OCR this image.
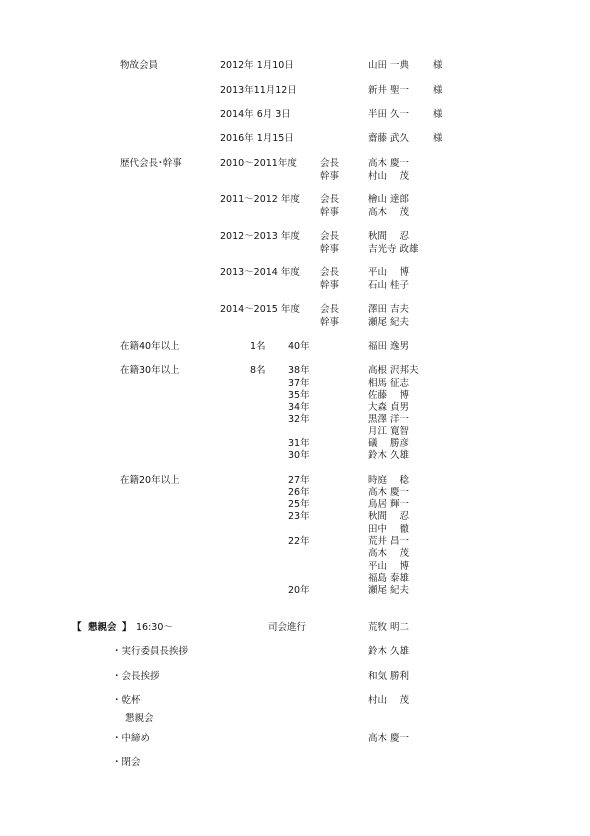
物故会員	2012年 1月10日	山田 一典	様
2013年11月12日	新井 聖一	様
2014年 6月 3日	半田 久一	様
2016年 1月15日	齋藤 武久	様
歴代会長･幹事	2010～2011年度 会長	高木 慶一
幹事	村山　 茂
2011～2012 年度 会長	檜山 達郎
幹事	高木　 茂
2012～2013 年度 会長	秋間　 忍
幹事	吉光寺 政雄
2013～2014 年度 会長	平山　 博
幹事	石山 桂子
2014～2015 年度 会長	澤田 吉夫
幹事	瀬尾 紀夫
在籍40年以上	1名 40年	福田 逸男
在籍30年以上	8名 38年	高根 沢邦夫
37年	相馬 征志
35年	佐藤　 博
34年	大森 貞男
32年	黒澤 洋一
月江 寛智
31年	礒　 勝彦
30年	鈴木 久雄
在籍20年以上	27年	時庭　 稔
26年	高木 慶一
25年	鳥居 輝一
23年	秋間　 忍
田中　 徹
22年	荒井 昌一
高木　 茂
平山　 博
福島 泰雄
20年	瀬尾 紀夫
【 懇親会 】 16:30～	司会進行	荒牧 明二
・実行委員長挨拶	鈴木 久雄
・会長挨拶	和気 勝利
・乾杯	村山　 茂
懇親会
・中締め	高木 慶一
・閉会
